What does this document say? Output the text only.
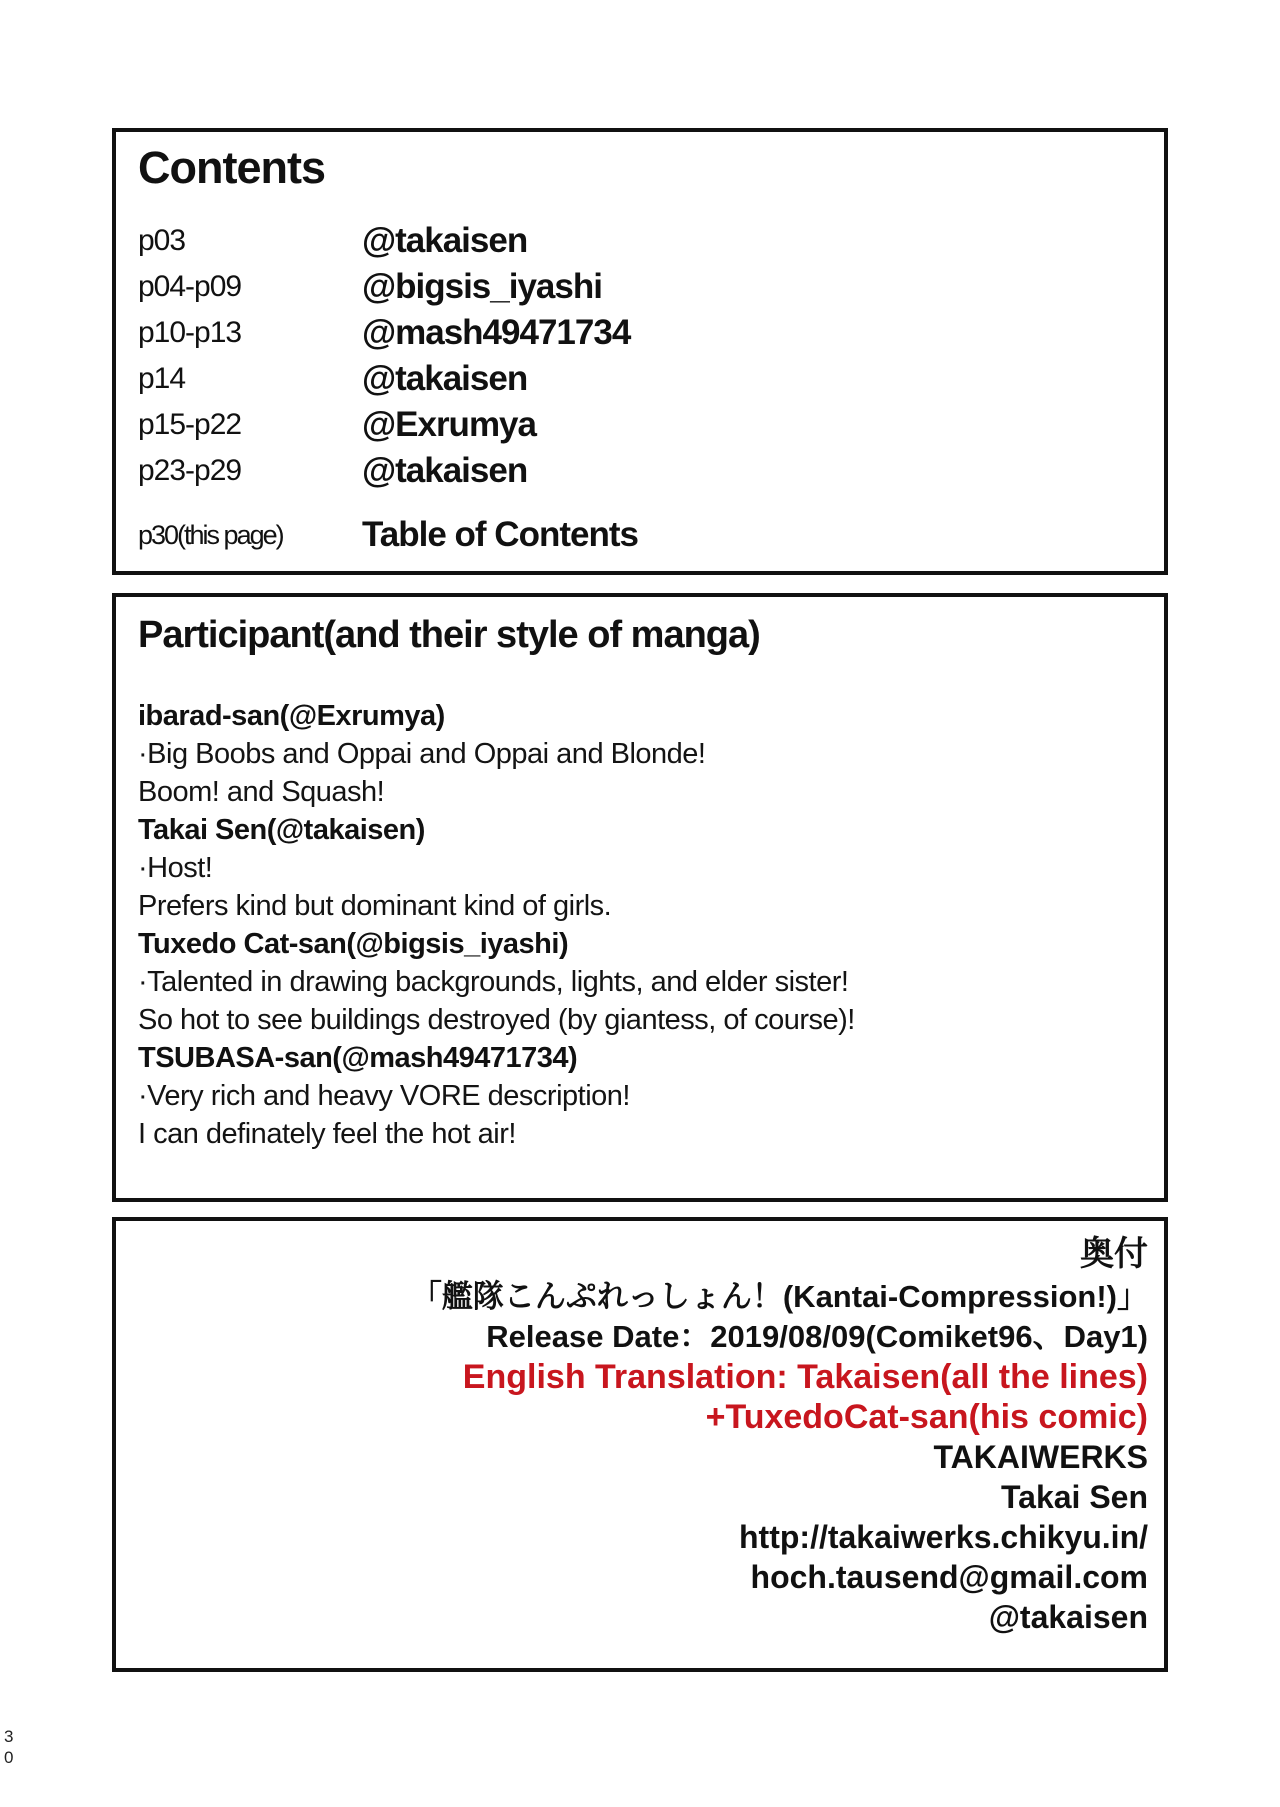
Contents
p03	@takaisen
p04-p09	@bigsis_iyashi
p10-p13	@mash49471734
p14	@takaisen
p15-p22	@Exrumya
p23-p29	@takaisen
p30(this page)	Table of Contents
Participant(and their style of manga)
ibarad-san(@Exrumya)
·Big Boobs and Oppai and Oppai and Blonde!
Boom! and Squash!
Takai Sen(@takaisen)
·Host!
Prefers kind but dominant kind of girls.
Tuxedo Cat-san(@bigsis_iyashi)
·Talented in drawing backgrounds, lights, and elder sister!
So hot to see buildings destroyed (by giantess, of course)!
TSUBASA-san(@mash49471734)
·Very rich and heavy VORE description!
I can definately feel the hot air!
奥付
「艦隊こんぷれっしょん！(Kantai-Compression!)」
Release Date：2019/08/09(Comiket96、Day1)
English Translation: Takaisen(all the lines)
+TuxedoCat-san(his comic)
TAKAIWERKS
Takai Sen
http://takaiwerks.chikyu.in/
hoch.tausend@gmail.com
@takaisen
3
0
